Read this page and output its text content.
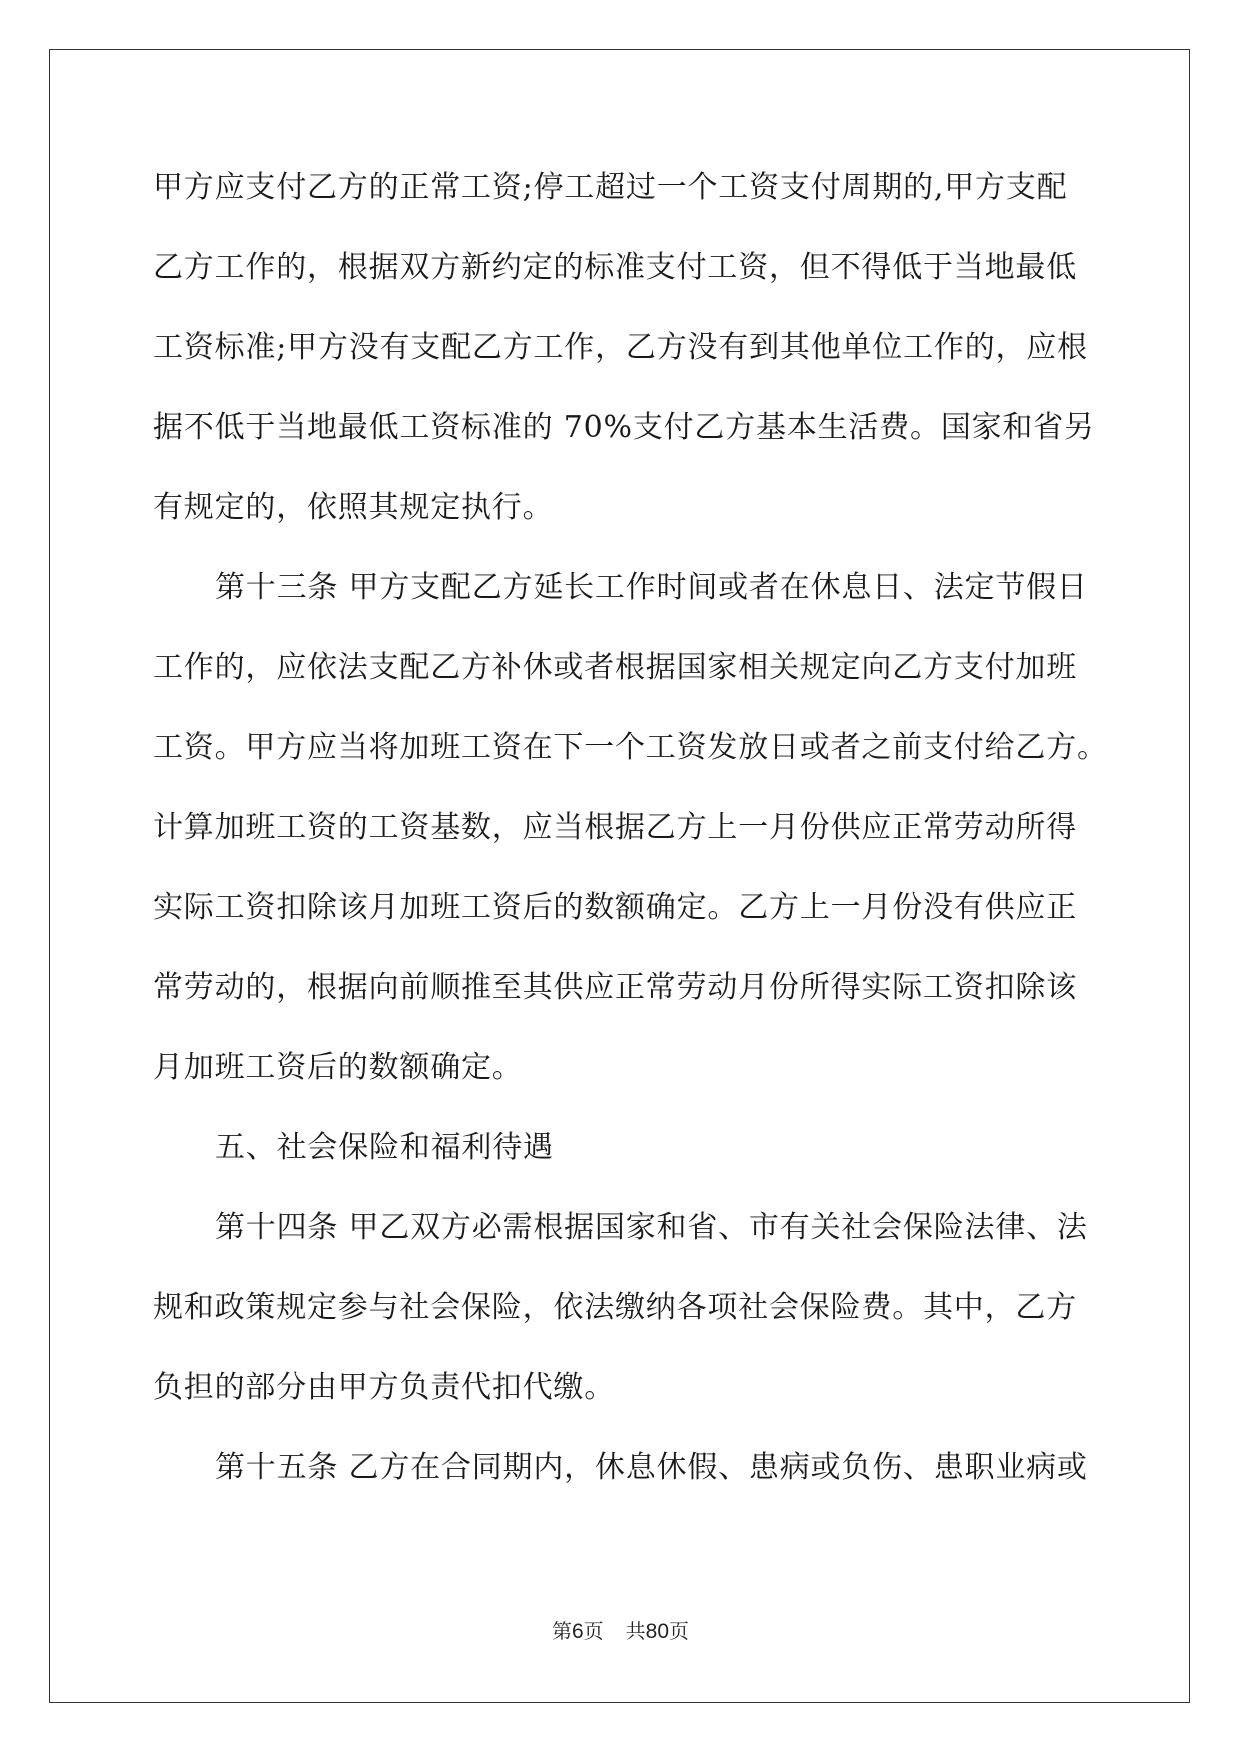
甲方应支付乙方的正常工资;停工超过一个工资支付周期的,甲方支配
乙方工作的，根据双方新约定的标准支付工资，但不得低于当地最低
工资标准;甲方没有支配乙方工作，乙方没有到其他单位工作的，应根
据不低于当地最低工资标准的 70%支付乙方基本生活费。国家和省另
有规定的，依照其规定执行。
第十三条 甲方支配乙方延长工作时间或者在休息日、法定节假日
工作的，应依法支配乙方补休或者根据国家相关规定向乙方支付加班
工资。甲方应当将加班工资在下一个工资发放日或者之前支付给乙方。
计算加班工资的工资基数，应当根据乙方上一月份供应正常劳动所得
实际工资扣除该月加班工资后的数额确定。乙方上一月份没有供应正
常劳动的，根据向前顺推至其供应正常劳动月份所得实际工资扣除该
月加班工资后的数额确定。
五、社会保险和福利待遇
第十四条 甲乙双方必需根据国家和省、市有关社会保险法律、法
规和政策规定参与社会保险，依法缴纳各项社会保险费。其中，乙方
负担的部分由甲方负责代扣代缴。
第十五条 乙方在合同期内，休息休假、患病或负伤、患职业病或
第6页 共80页
